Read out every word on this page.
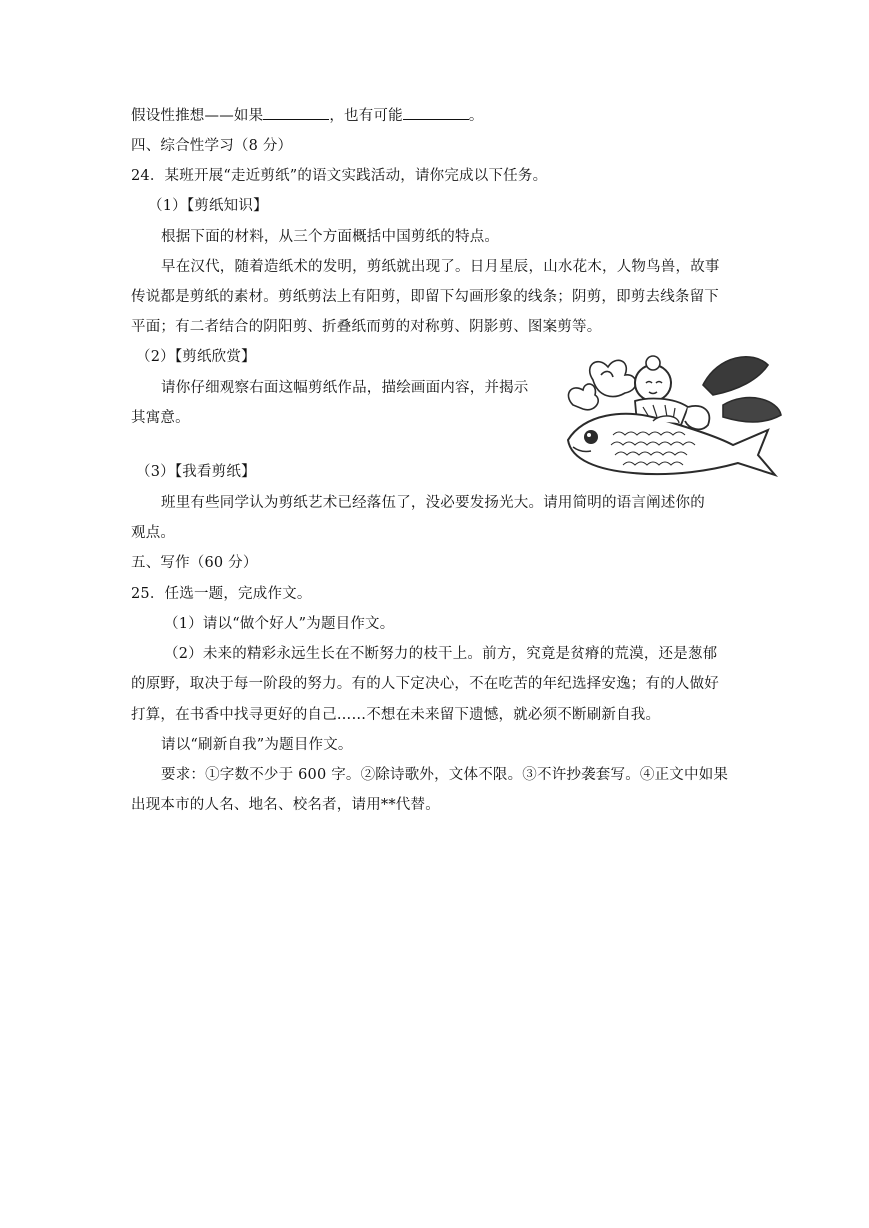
假设性推想——如果	，也有可能	。
四、综合性学习（8 分）
24．某班开展“走近剪纸”的语文实践活动，请你完成以下任务。
（1）【剪纸知识】
根据下面的材料，从三个方面概括中国剪纸的特点。
早在汉代，随着造纸术的发明，剪纸就出现了。日月星辰，山水花木，人物鸟兽，故事
传说都是剪纸的素材。剪纸剪法上有阳剪，即留下勾画形象的线条；阴剪，即剪去线条留下
平面；有二者结合的阴阳剪、折叠纸而剪的对称剪、阴影剪、图案剪等。
（2）【剪纸欣赏】
请你仔细观察右面这幅剪纸作品，描绘画面内容，并揭示
其寓意。
（3）【我看剪纸】
班里有些同学认为剪纸艺术已经落伍了，没必要发扬光大。请用简明的语言阐述你的
观点。
五、写作（60 分）
25．任选一题，完成作文。
（1）请以“做个好人”为题目作文。
（2）未来的精彩永远生长在不断努力的枝干上。前方，究竟是贫瘠的荒漠，还是葱郁
的原野，取决于每一阶段的努力。有的人下定决心，不在吃苦的年纪选择安逸；有的人做好
打算，在书香中找寻更好的自己……不想在未来留下遗憾，就必须不断刷新自我。
请以“刷新自我”为题目作文。
要求：①字数不少于 600 字。②除诗歌外，文体不限。③不许抄袭套写。④正文中如果
出现本市的人名、地名、校名者，请用**代替。
